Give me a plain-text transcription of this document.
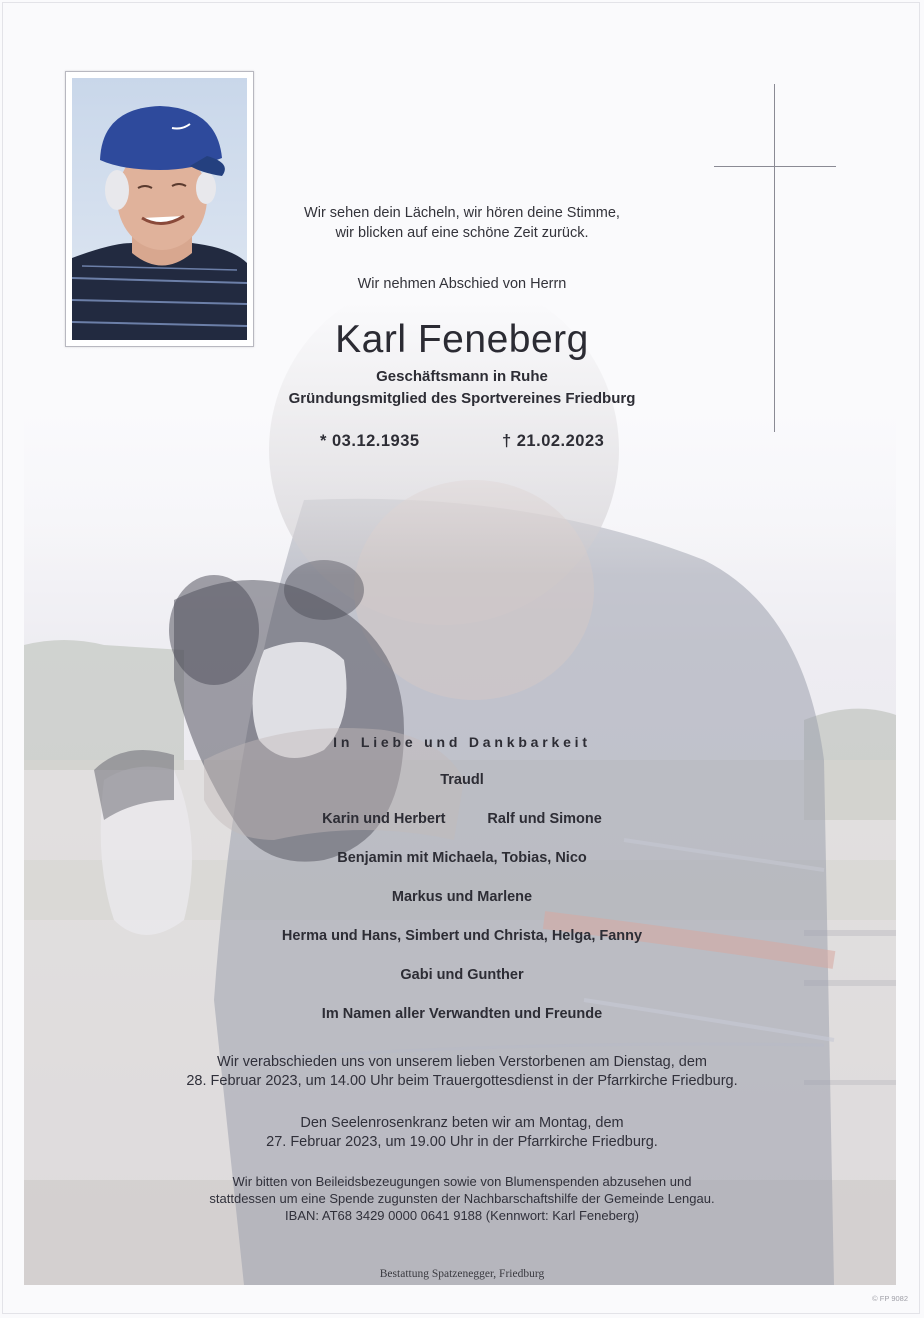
Wir sehen dein Lächeln, wir hören deine Stimme,
wir blicken auf eine schöne Zeit zurück.
Wir nehmen Abschied von Herrn
Karl Feneberg
Geschäftsmann in Ruhe
Gründungsmitglied des Sportvereines Friedburg
* 03.12.1935	† 21.02.2023
In Liebe und Dankbarkeit
Traudl
Karin und Herbert	Ralf und Simone
Benjamin mit Michaela, Tobias, Nico
Markus und Marlene
Herma und Hans, Simbert und Christa, Helga, Fanny
Gabi und Gunther
Im Namen aller Verwandten und Freunde

Wir verabschieden uns von unserem lieben Verstorbenen am Dienstag, dem

28. Februar 2023, um 14.00 Uhr beim Trauergottesdienst in der Pfarrkirche Friedburg.

Den Seelenrosenkranz beten wir am Montag, dem

27. Februar 2023, um 19.00 Uhr in der Pfarrkirche Friedburg.

Wir bitten von Beileidsbezeugungen sowie von Blumenspenden abzusehen und

stattdessen um eine Spende zugunsten der Nachbarschaftshilfe der Gemeinde Lengau.

IBAN: AT68 3429 0000 0641 9188 (Kennwort: Karl Feneberg)

Bestattung Spatzenegger, Friedburg
© FP 9082
